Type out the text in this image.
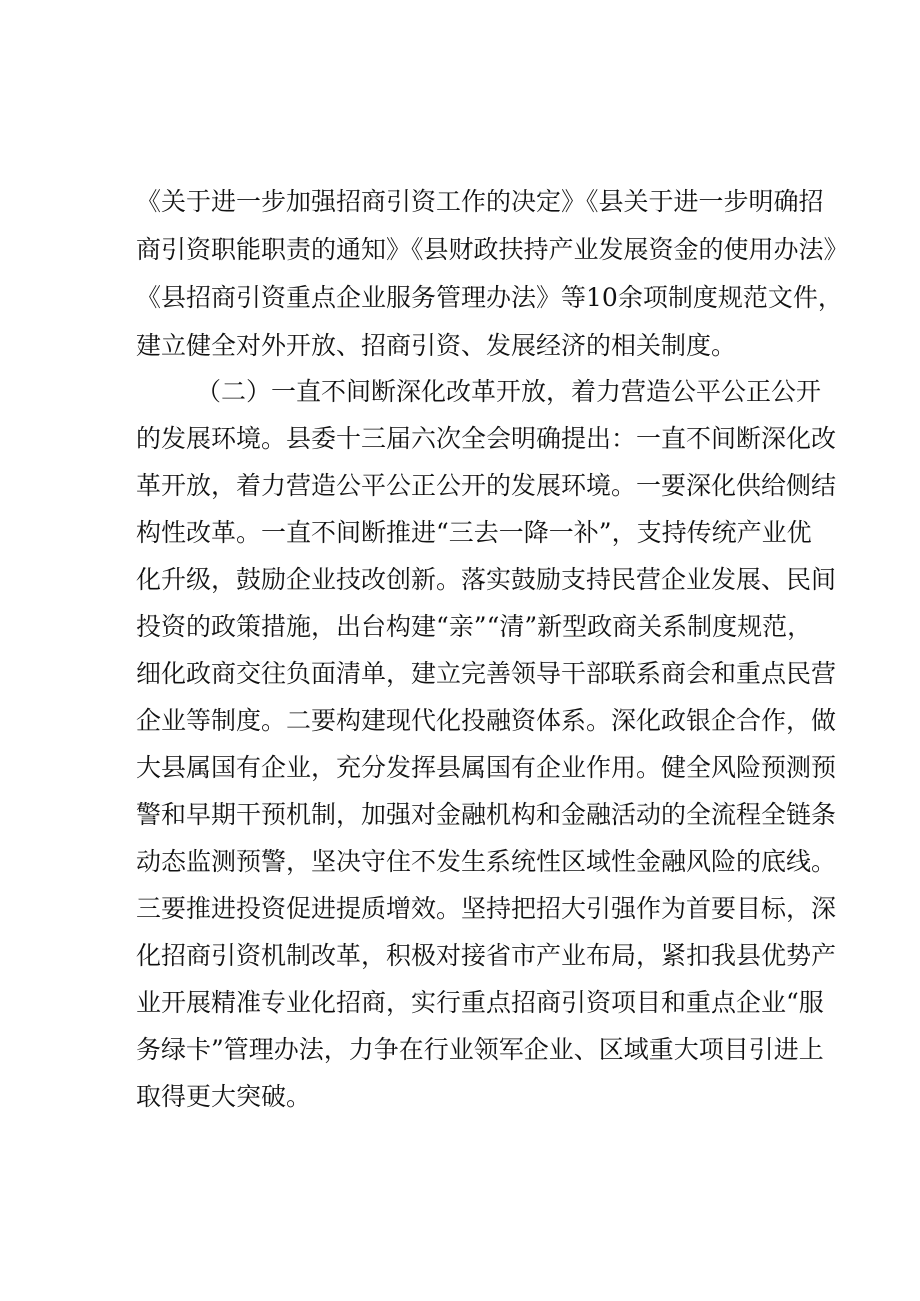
《关于进一步加强招商引资工作的决定》《县关于进一步明确招
商引资职能职责的通知》《县财政扶持产业发展资金的使用办法》
《县招商引资重点企业服务管理办法》等10余项制度规范文件，
建立健全对外开放、招商引资、发展经济的相关制度。
（二）一直不间断深化改革开放，着力营造公平公正公开
的发展环境。县委十三届六次全会明确提出：一直不间断深化改
革开放，着力营造公平公正公开的发展环境。一要深化供给侧结
构性改革。一直不间断推进“三去一降一补”，支持传统产业优
化升级，鼓励企业技改创新。落实鼓励支持民营企业发展、民间
投资的政策措施，出台构建“亲”“清”新型政商关系制度规范，
细化政商交往负面清单，建立完善领导干部联系商会和重点民营
企业等制度。二要构建现代化投融资体系。深化政银企合作，做
大县属国有企业，充分发挥县属国有企业作用。健全风险预测预
警和早期干预机制，加强对金融机构和金融活动的全流程全链条
动态监测预警，坚决守住不发生系统性区域性金融风险的底线。
三要推进投资促进提质增效。坚持把招大引强作为首要目标，深
化招商引资机制改革，积极对接省市产业布局，紧扣我县优势产
业开展精准专业化招商，实行重点招商引资项目和重点企业“服
务绿卡”管理办法，力争在行业领军企业、区域重大项目引进上
取得更大突破。
